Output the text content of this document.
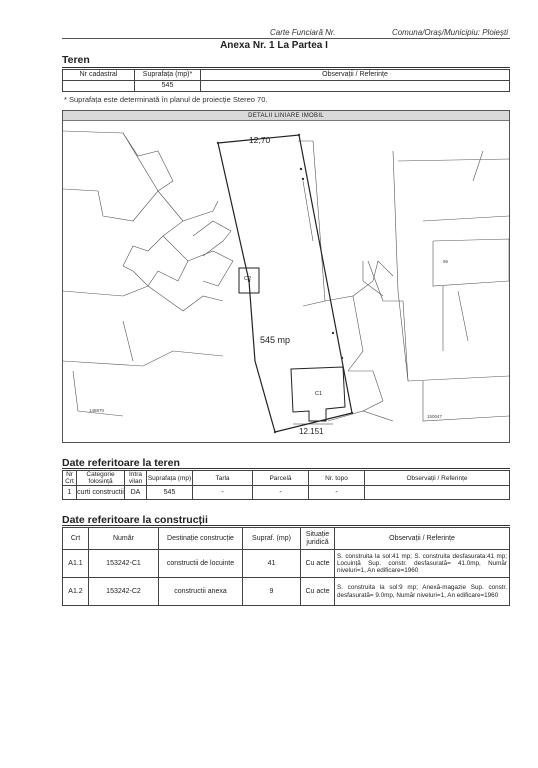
Carte Funciară Nr.	Comuna/Oraș/Municipiu: Ploiești
Anexa Nr. 1 La Partea I
Teren
Nr cadastral	Suprafața (mp)*	Observații / Referințe
	545	
* Suprafața este determinată în planul de proiecție Stereo 70.
DETALII LINIARE IMOBIL
12,70
12.151
545 mp
C1
C2
148870
150047
96
Date referitoare la teren
Nr Crt	Categorie folosință	Intra vilan	Suprafața (mp)	Tarla	Parcelă	Nr. topo	Observații / Referințe
1	curti constructii	DA	545	-	-	-	
Date referitoare la construcții
Crt	Număr	Destinație construcție	Supraf. (mp)	Situație juridică	Observații / Referințe
A1.1	153242-C1	constructii de locuinte	41	Cu acte	S. construita la sol:41 mp; S. construita desfasurata:41 mp; Locuință Sup. constr. desfasurată= 41.0mp, Număr niveluri=1, An edificare=1960
A1.2	153242-C2	constructii anexa	9	Cu acte	S. construita la sol:9 mp; Anexă-magazie Sup. constr. desfasurată= 9.0mp, Număr niveluri=1, An edificare=1960
